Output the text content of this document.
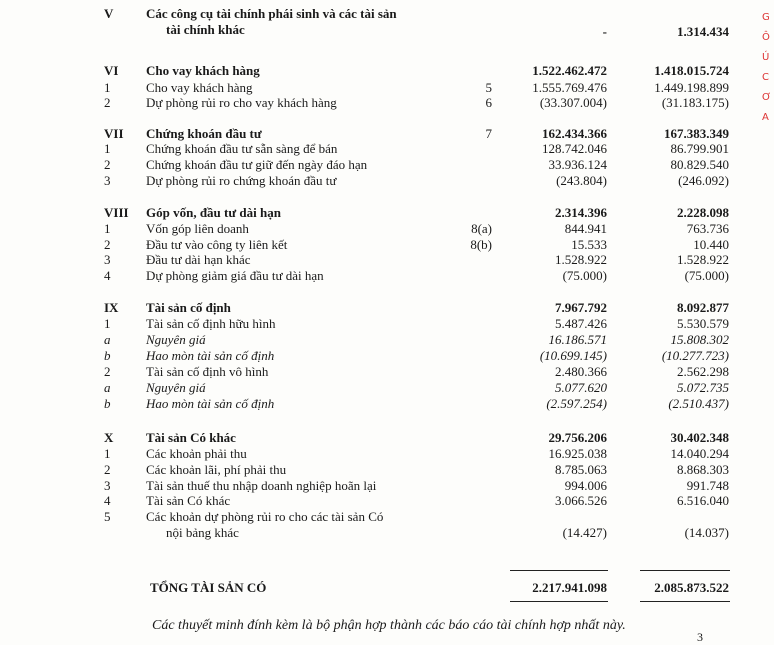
V	Các công cụ tài chính phái sinh và các tài sản
tài chính khác	-	1.314.434
VI Cho vay khách hàng	1.522.462.472	1.418.015.724
1	Cho vay khách hàng	5	1.555.769.476	1.449.198.899
2	Dự phòng rủi ro cho vay khách hàng	6	(33.307.004)	(31.183.175)
VII Chứng khoán đầu tư	7	162.434.366	167.383.349
1	Chứng khoán đầu tư sẵn sàng để bán	128.742.046	86.799.901
2	Chứng khoán đầu tư giữ đến ngày đáo hạn	33.936.124	80.829.540
3	Dự phòng rủi ro chứng khoán đầu tư	(243.804)	(246.092)
VIII Góp vốn, đầu tư dài hạn	2.314.396	2.228.098
1	Vốn góp liên doanh	8(a)	844.941	763.736
2	Đầu tư vào công ty liên kết	8(b)	15.533	10.440
3	Đầu tư dài hạn khác	1.528.922	1.528.922
4	Dự phòng giảm giá đầu tư dài hạn	(75.000)	(75.000)
IX Tài sản cố định	7.967.792	8.092.877
1	Tài sản cố định hữu hình	5.487.426	5.530.579
a	Nguyên giá	16.186.571	15.808.302
b	Hao mòn tài sản cố định	(10.699.145)	(10.277.723)
2	Tài sản cố định vô hình	2.480.366	2.562.298
a	Nguyên giá	5.077.620	5.072.735
b	Hao mòn tài sản cố định	(2.597.254)	(2.510.437)
X	Tài sản Có khác	29.756.206	30.402.348
1	Các khoản phải thu	16.925.038	14.040.294
2	Các khoản lãi, phí phải thu	8.785.063	8.868.303
3	Tài sản thuế thu nhập doanh nghiệp hoãn lại	994.006	991.748
4	Tài sản Có khác	3.066.526	6.516.040
5	Các khoản dự phòng rủi ro cho các tài sản Có
nội bảng khác	(14.427)	(14.037)
TỔNG TÀI SẢN CÓ	2.217.941.098	2.085.873.522
Các thuyết minh đính kèm là bộ phận hợp thành các báo cáo tài chính hợp nhất này.
3
G
Ô
Ú
C
Ơ
A
